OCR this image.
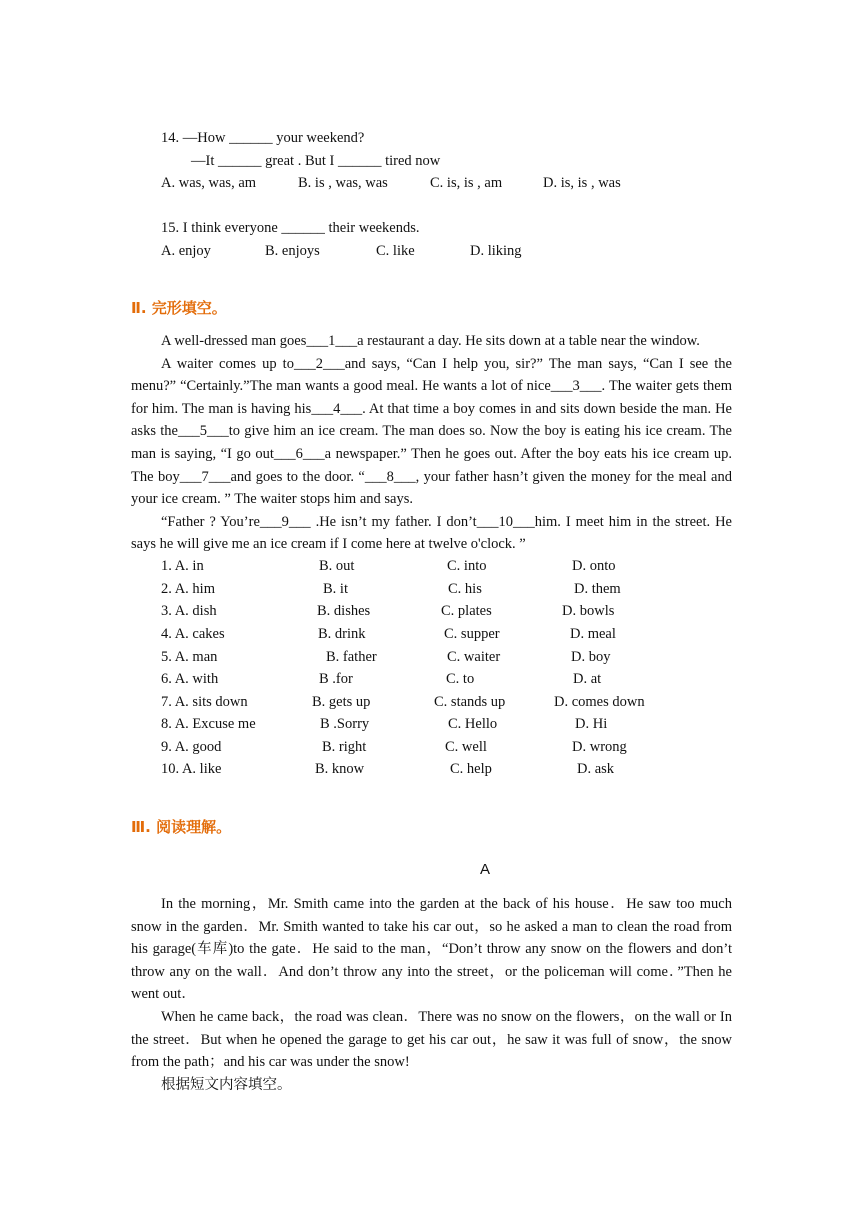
14. —How ______ your weekend?
—It ______ great . But I ______ tired now
A. was, was, am	B. is , was, was	C. is, is , am	D. is, is , was
15. I think everyone ______ their weekends.
A. enjoy	B. enjoys	C. like	D. liking
Ⅱ. 完形填空。

A well-dressed man goes___1___a restaurant a day. He sits down at a table near the window.

A waiter comes up to___2___and says, “Can I help you, sir?” The man says, “Can I see the menu?” “Certainly.”The man wants a good meal. He wants a lot of nice___3___. The waiter gets them for him. The man is having his___4___. At that time a boy comes in and sits down beside the man. He asks the___5___to give him an ice cream. The man does so. Now the boy is eating his ice cream. The man is saying, “I go out___6___a newspaper.” Then he goes out. After the boy eats his ice cream up. The boy___7___and goes to the door. “___8___, your father hasn’t given the money for the meal and your ice cream. ” The waiter stops him and says.

“Father ? You’re___9___ .He isn’t my father. I don’t___10___him. I meet him in the street. He says he will give me an ice cream if I come here at twelve o'clock. ”

1. A. in	B. out	C. into	D. onto
2. A. him	B. it	C. his	D. them
3. A. dish	B. dishes	C. plates	D. bowls
4. A. cakes	B. drink	C. supper	D. meal
5. A. man	B. father	C. waiter	D. boy
6. A. with	B .for	C. to	D. at
7. A. sits down	B. gets up	C. stands up	D. comes down
8. A. Excuse me	B .Sorry	C. Hello	D. Hi
9. A. good	B. right	C. well	D. wrong
10. A. like	B. know	C. help	D. ask
Ⅲ. 阅读理解。
A

In the morning，Mr. Smith came into the garden at the back of his house．He saw too much snow in the garden．Mr. Smith wanted to take his car out，so he asked a man to clean the road from his garage(车库)to the gate．He said to the man，“Don’t throw any snow on the flowers and don’t throw any on the wall．And don’t throw any into the street，or the policeman will come．”Then he went out．

When he came back，the road was clean．There was no snow on the flowers，on the wall or In the street．But when he opened the garage to get his car out，he saw it was full of snow，the snow from the path；and his car was under the snow!

根据短文内容填空。
